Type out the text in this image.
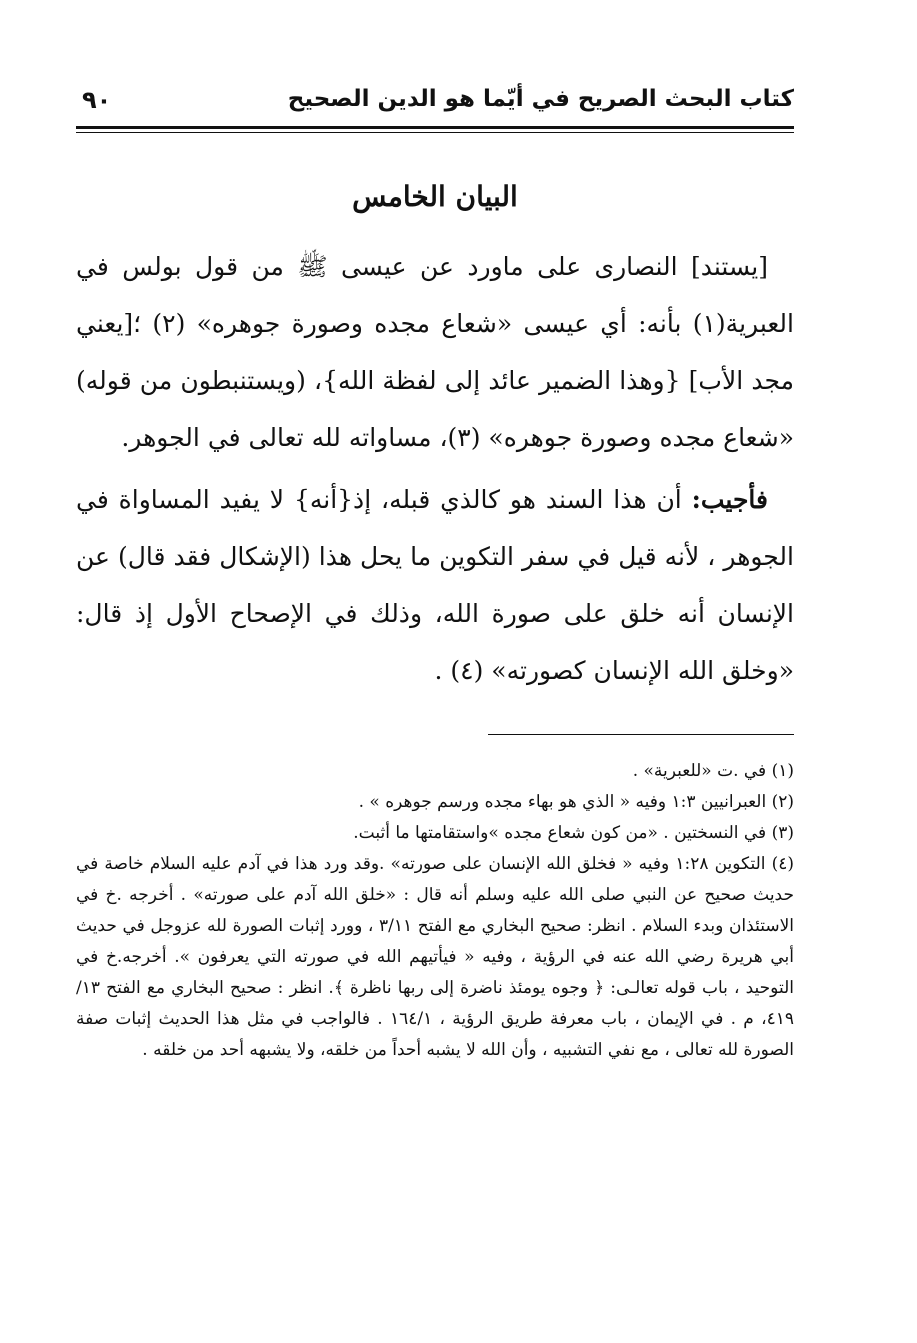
كتاب البحث الصريح في أيّما هو الدين الصحيح
٩٠
البيان الخامس

[يستند] النصارى على ماورد عن عيسى ﷺ من قول بولس في العبرية(١) بأنه: أي عيسى «شعاع مجده وصورة جوهره» (٢) ؛[يعني مجد الأب] {وهذا الضمير عائد إلى لفظة الله}، (ويستنبطون من قوله) «شعاع مجده وصورة جوهره» (٣)، مساواته لله تعالى في الجوهر.

فأجيب: أن هذا السند هو كالذي قبله، إذ{أنه} لا يفيد المساواة في الجوهر ، لأنه قيل في سفر التكوين ما يحل هذا (الإشكال فقد قال) عن الإنسان أنه خلق على صورة الله، وذلك في الإصحاح الأول إذ قال: «وخلق الله الإنسان كصورته» (٤) .

(١) في .ت «للعبرية» .

(٢) العبرانيين ١:٣ وفيه « الذي هو بهاء مجده ورسم جوهره » .

(٣) في النسختين . «من كون شعاع مجده »واستقامتها ما أثبت.

(٤) التكوين ١:٢٨ وفيه « فخلق الله الإنسان على صورته» .وقد ورد هذا في آدم عليه السلام خاصة في حديث صحيح عن النبي صلى الله عليه وسلم أنه قال : «خلق الله آدم على صورته» . أخرجه .خ في الاستئذان وبدء السلام . انظر: صحيح البخاري مع الفتح ٣/١١ ، وورد إثبات الصورة لله عزوجل في حديث أبي هريرة رضي الله عنه في الرؤية ، وفيه « فيأتيهم الله في صورته التي يعرفون ». أخرجه.خ في التوحيد ، باب قوله تعالـى: ﴿ وجوه يومئذ ناضرة إلى ربها ناظرة ﴾. انظر : صحيح البخاري مع الفتح ١٣/ ٤١٩، م . في الإيمان ، باب معرفة طريق الرؤية ، ١٦٤/١ . فالواجب في مثل هذا الحديث إثبات صفة الصورة لله تعالى ، مع نفي التشبيه ، وأن الله لا يشبه أحداً من خلقه، ولا يشبهه أحد من خلقه .
